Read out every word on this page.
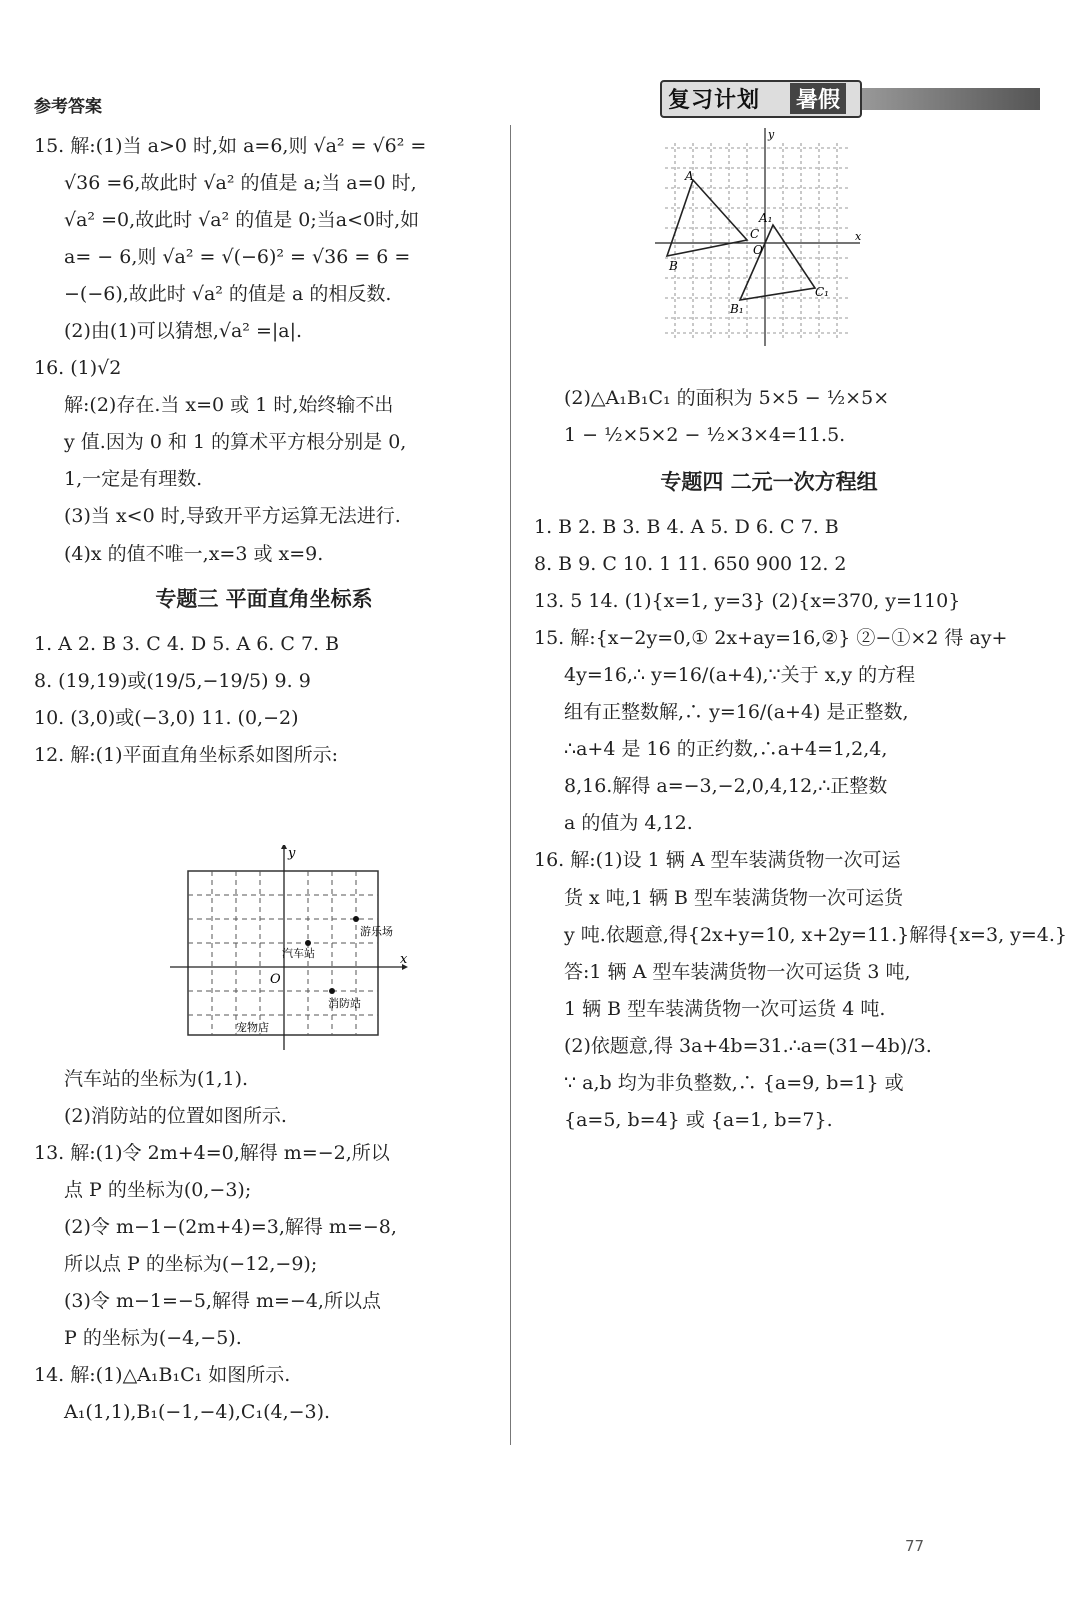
参考答案	复习计划 暑假

15. 解:(1)当 a>0 时,如 a=6,则 √a² = √6² =

√36 =6,故此时 √a² 的值是 a;当 a=0 时,

√a² =0,故此时 √a² 的值是 0;当a<0时,如

a= − 6,则 √a² = √(−6)² = √36 = 6 =

−(−6),故此时 √a² 的值是 a 的相反数.

(2)由(1)可以猜想,√a² =|a|.

16. (1)√2

解:(2)存在.当 x=0 或 1 时,始终输不出

y 值.因为 0 和 1 的算术平方根分别是 0,

1,一定是有理数.

(3)当 x<0 时,导致开平方运算无法进行.

(4)x 的值不唯一,x=3 或 x=9.

专题三 平面直角坐标系

1. A 2. B 3. C 4. D 5. A 6. C 7. B

8. (19,19)或(19/5,−19/5) 9. 9

10. (3,0)或(−3,0) 11. (0,−2)

12. 解:(1)平面直角坐标系如图所示:

x
y
O
游乐场
汽车站
消防站
宠物店

汽车站的坐标为(1,1).

(2)消防站的位置如图所示.

13. 解:(1)令 2m+4=0,解得 m=−2,所以

点 P 的坐标为(0,−3);

(2)令 m−1−(2m+4)=3,解得 m=−8,

所以点 P 的坐标为(−12,−9);

(3)令 m−1=−5,解得 m=−4,所以点

P 的坐标为(−4,−5).

14. 解:(1)△A₁B₁C₁ 如图所示.

A₁(1,1),B₁(−1,−4),C₁(4,−3).

x
y
A
B
C
O
A₁
B₁
C₁

(2)△A₁B₁C₁ 的面积为 5×5 − ½×5×

1 − ½×5×2 − ½×3×4=11.5.

专题四 二元一次方程组

1. B 2. B 3. B 4. A 5. D 6. C 7. B

8. B 9. C 10. 1 11. 650 900 12. 2

13. 5 14. (1){x=1, y=3} (2){x=370, y=110}

15. 解:{x−2y=0,① 2x+ay=16,②} ②−①×2 得 ay+

4y=16,∴ y=16/(a+4),∵关于 x,y 的方程

组有正整数解,∴ y=16/(a+4) 是正整数,

∴a+4 是 16 的正约数,∴a+4=1,2,4,

8,16.解得 a=−3,−2,0,4,12,∴正整数

a 的值为 4,12.

16. 解:(1)设 1 辆 A 型车装满货物一次可运

货 x 吨,1 辆 B 型车装满货物一次可运货

y 吨.依题意,得{2x+y=10, x+2y=11.}解得{x=3, y=4.}

答:1 辆 A 型车装满货物一次可运货 3 吨,

1 辆 B 型车装满货物一次可运货 4 吨.

(2)依题意,得 3a+4b=31.∴a=(31−4b)/3.

∵ a,b 均为非负整数,∴ {a=9, b=1} 或

{a=5, b=4} 或 {a=1, b=7}.

77
